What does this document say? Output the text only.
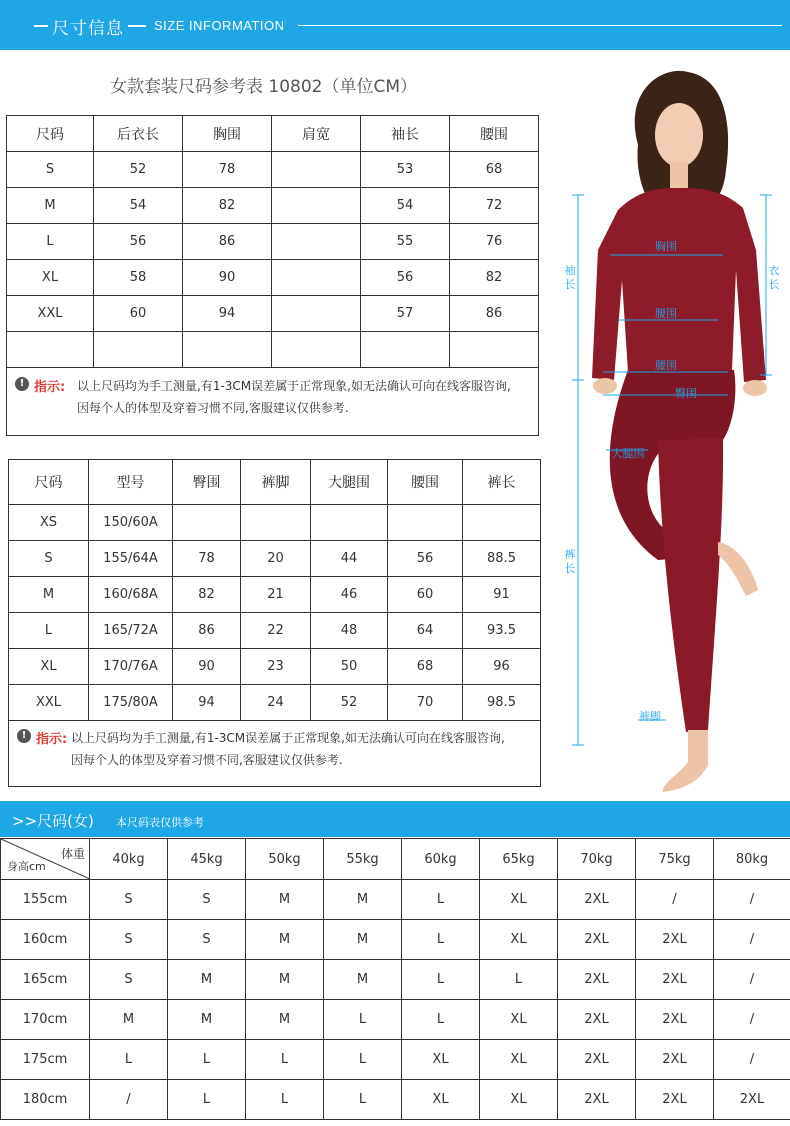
尺寸信息 SIZE INFORMATION
女款套装尺码参考表 10802（单位CM）
尺码	后衣长	胸围	肩宽	袖长	腰围
S	52	78		53	68
M	54	82		54	72
L	56	86		55	76
XL	58	90		56	82
XXL	60	94		57	86

! 指示: 以上尺码均为手工测量,有1-3CM误差属于正常现象,如无法确认可向在线客服咨询,
因每个人的体型及穿着习惯不同,客服建议仅供参考.
尺码	型号	臀围	裤脚	大腿围	腰围	裤长
XS	150/60A					
S	155/64A	78	20	44	56	88.5
M	160/68A	82	21	46	60	91
L	165/72A	86	22	48	64	93.5
XL	170/76A	90	23	50	68	96
XXL	175/80A	94	24	52	70	98.5
! 指示: 以上尺码均为手工测量,有1-3CM误差属于正常现象,如无法确认可向在线客服咨询,
因每个人的体型及穿着习惯不同,客服建议仅供参考.
袖长
衣长
胸围
腰围
腰围
臀围
大腿围
裤长
裤脚
>>尺码(女) 本尺码表仅供参考
体重
身高cm	40kg	45kg	50kg	55kg	60kg	65kg	70kg	75kg	80kg
155cm	S	S	M	M	L	XL	2XL	/	/
160cm	S	S	M	M	L	XL	2XL	2XL	/
165cm	S	M	M	M	L	L	2XL	2XL	/
170cm	M	M	M	L	L	XL	2XL	2XL	/
175cm	L	L	L	L	XL	XL	2XL	2XL	/
180cm	/	L	L	L	XL	XL	2XL	2XL	2XL
